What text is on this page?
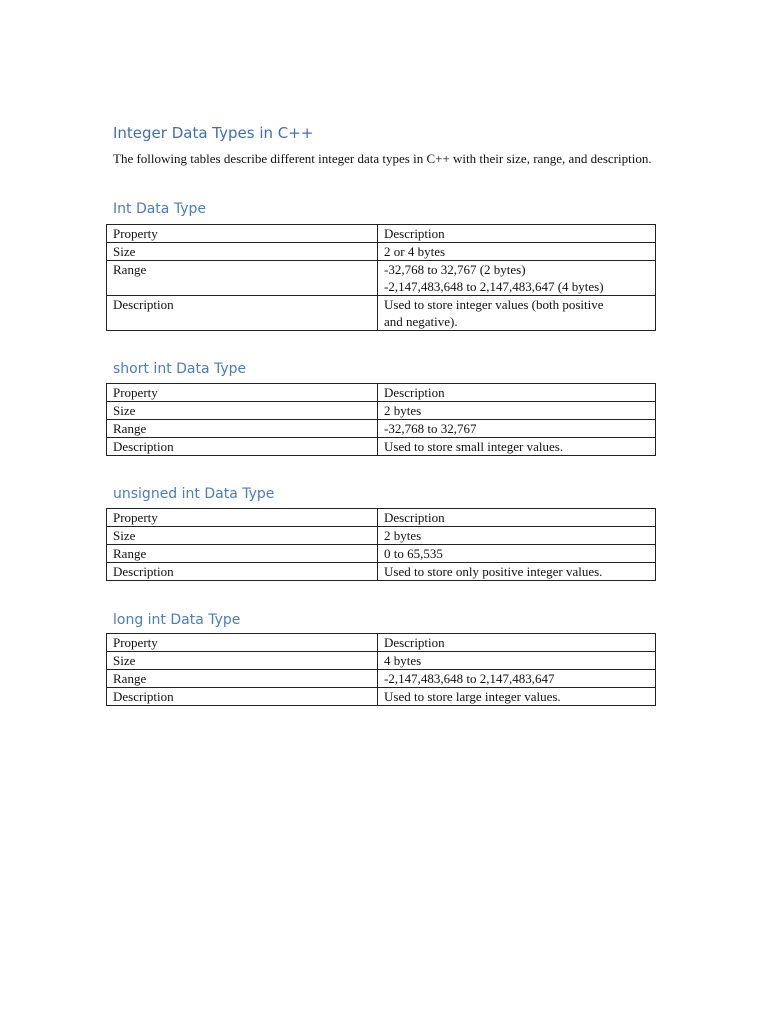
Integer Data Types in C++
The following tables describe different integer data types in C++ with their size, range, and description.
Int Data Type
Property	Description
Size	2 or 4 bytes
Range	-32,768 to 32,767 (2 bytes)
-2,147,483,648 to 2,147,483,647 (4 bytes)

Description	Used to store integer values (both positive
and negative).
short int Data Type
Property	Description
Size	2 bytes
Range	-32,768 to 32,767
Description	Used to store small integer values.
unsigned int Data Type
Property	Description
Size	2 bytes
Range	0 to 65,535
Description	Used to store only positive integer values.
long int Data Type
Property	Description
Size	4 bytes
Range	-2,147,483,648 to 2,147,483,647
Description	Used to store large integer values.
